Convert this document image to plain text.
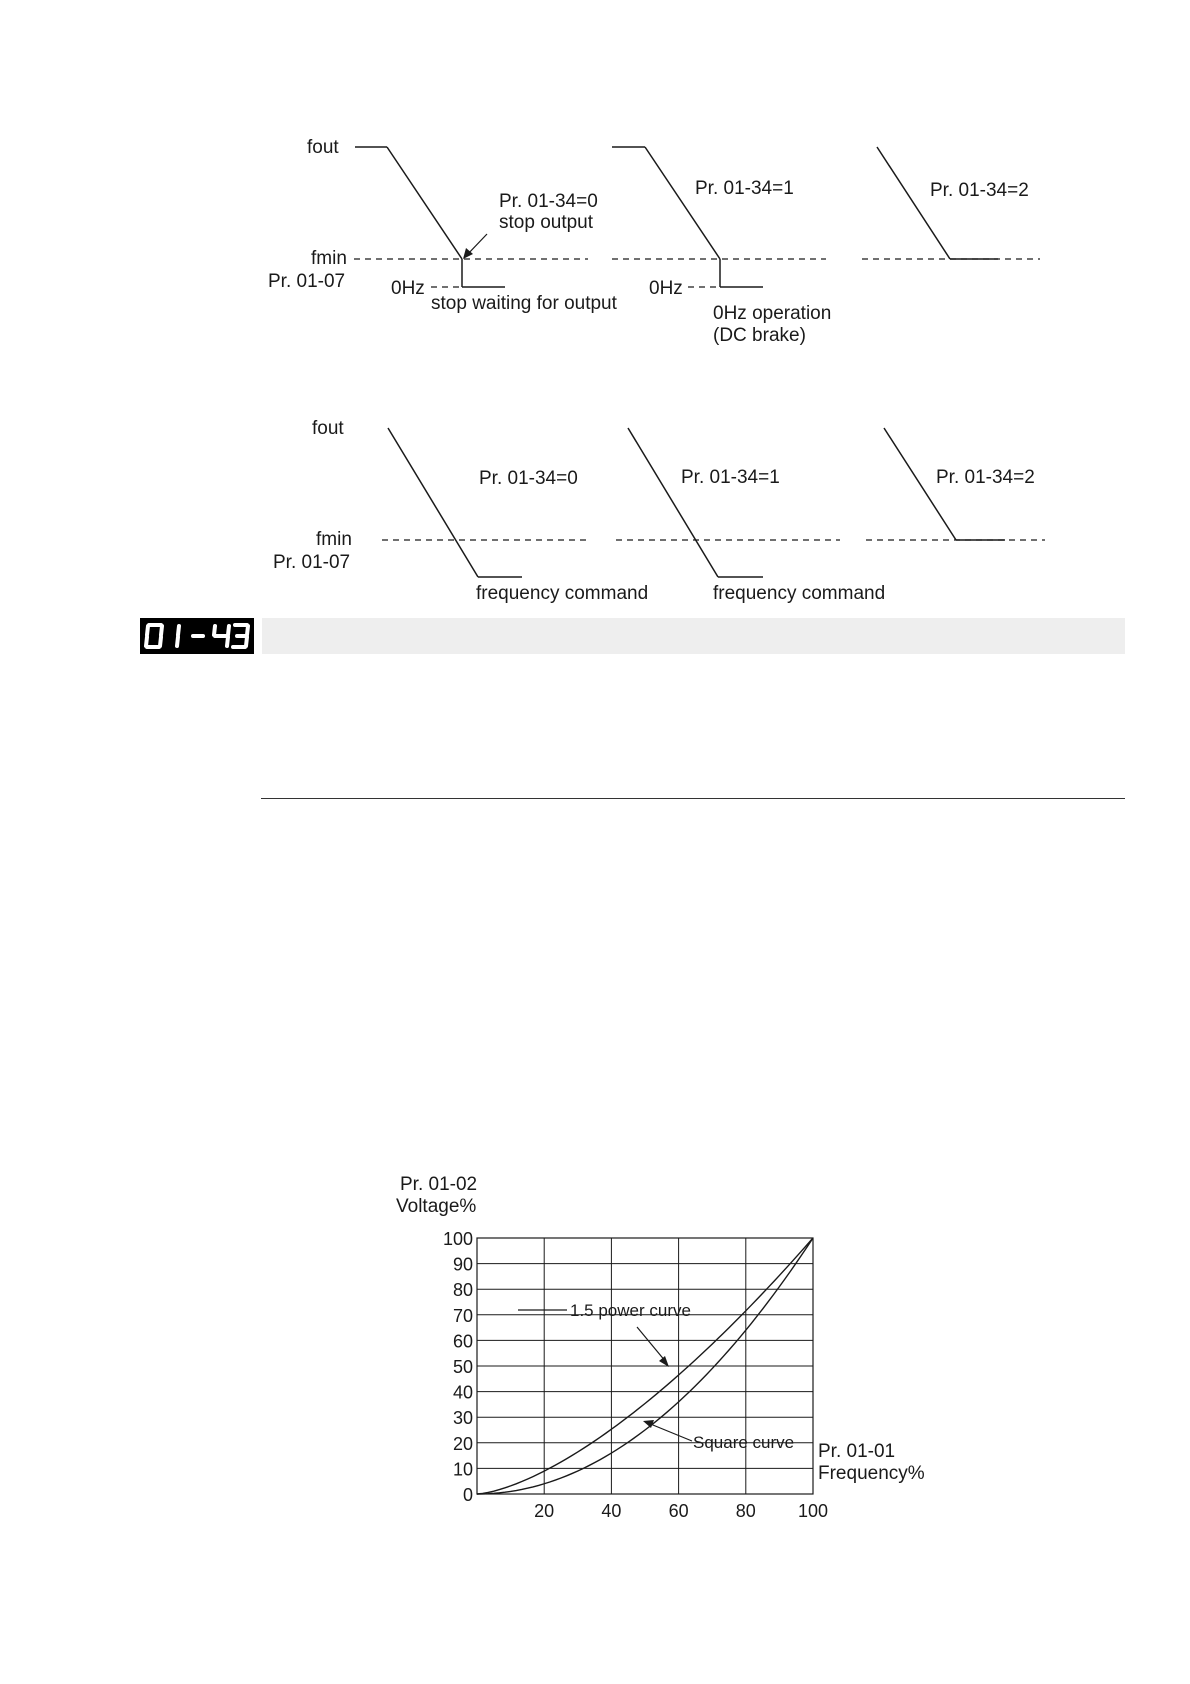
fout
fmin
Pr. 01-07
Pr. 01-34=0
stop output
0Hz
stop waiting for output
Pr. 01-34=1
0Hz
0Hz operation
(DC brake)
Pr. 01-34=2
fout
fmin
Pr. 01-07
Pr. 01-34=0	Pr. 01-34=1	Pr. 01-34=2
frequency command	frequency command
0
10
20
30
40
50
60
70
80
90
100
20	40	60	80 100
Pr. 01-02
Voltage%
Pr. 01-01
Frequency%
1.5 power curve
Square curve
